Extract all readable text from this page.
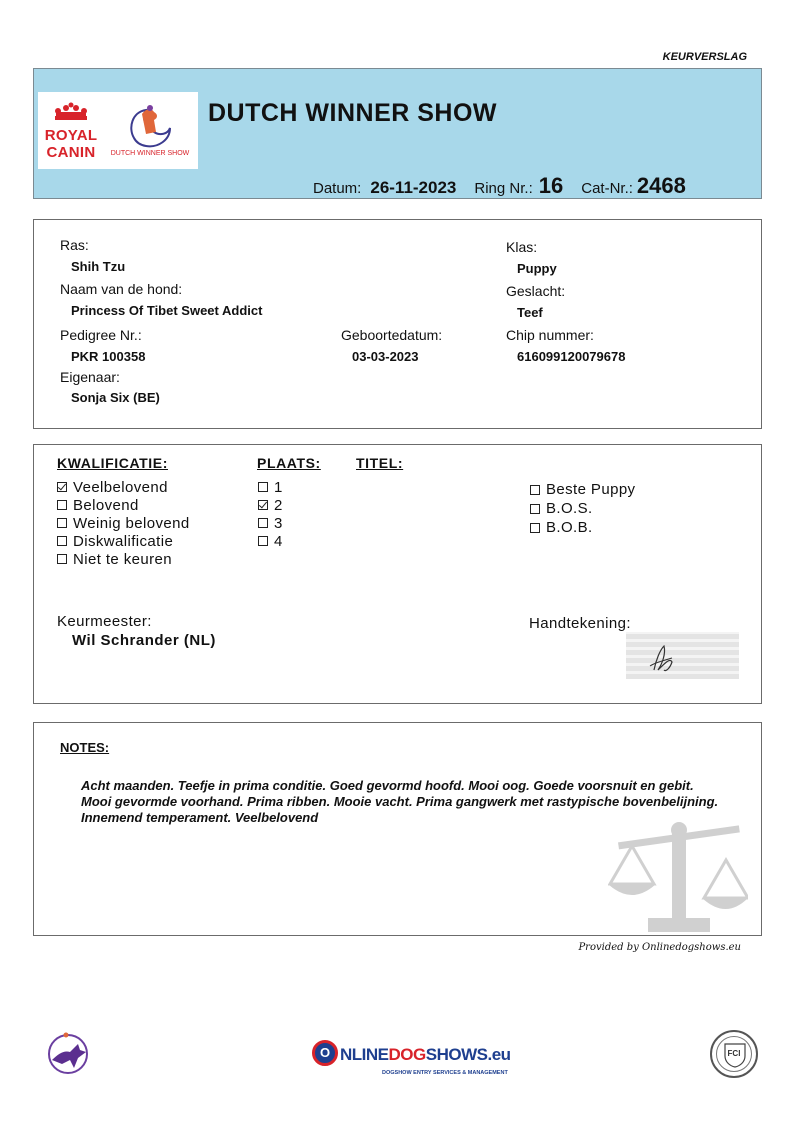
KEURVERSLAG
ROYAL
CANIN	DUTCH WINNER SHOW
DUTCH WINNER SHOW
Datum: 26-11-2023 Ring Nr.: 16 Cat-Nr.: 2468
Ras:
Shih Tzu
Naam van de hond:
Princess Of Tibet Sweet Addict
Pedigree Nr.:
PKR 100358
Geboortedatum:
03-03-2023
Eigenaar:
Sonja Six (BE)
Klas:
Puppy
Geslacht:
Teef
Chip nummer:
616099120079678
KWALIFICATIE:	PLAATS:	TITEL:
Veelbelovend
Belovend
Weinig belovend
Diskwalificatie
Niet te keuren
1
2
3
4
Beste Puppy
B.O.S.
B.O.B.
Keurmeester:
Wil Schrander (NL)
Handtekening:
NOTES:
Acht maanden. Teefje in prima conditie. Goed gevormd hoofd. Mooi oog. Goede voorsnuit en gebit. Mooi gevormde voorhand. Prima ribben. Mooie vacht. Prima gangwerk met rastypische bovenbelijning. Innemend temperament. Veelbelovend
Provided by Onlinedogshows.eu
O NLINEDOGSHOWS.eu
DOGSHOW ENTRY SERVICES & MANAGEMENT
FCI
